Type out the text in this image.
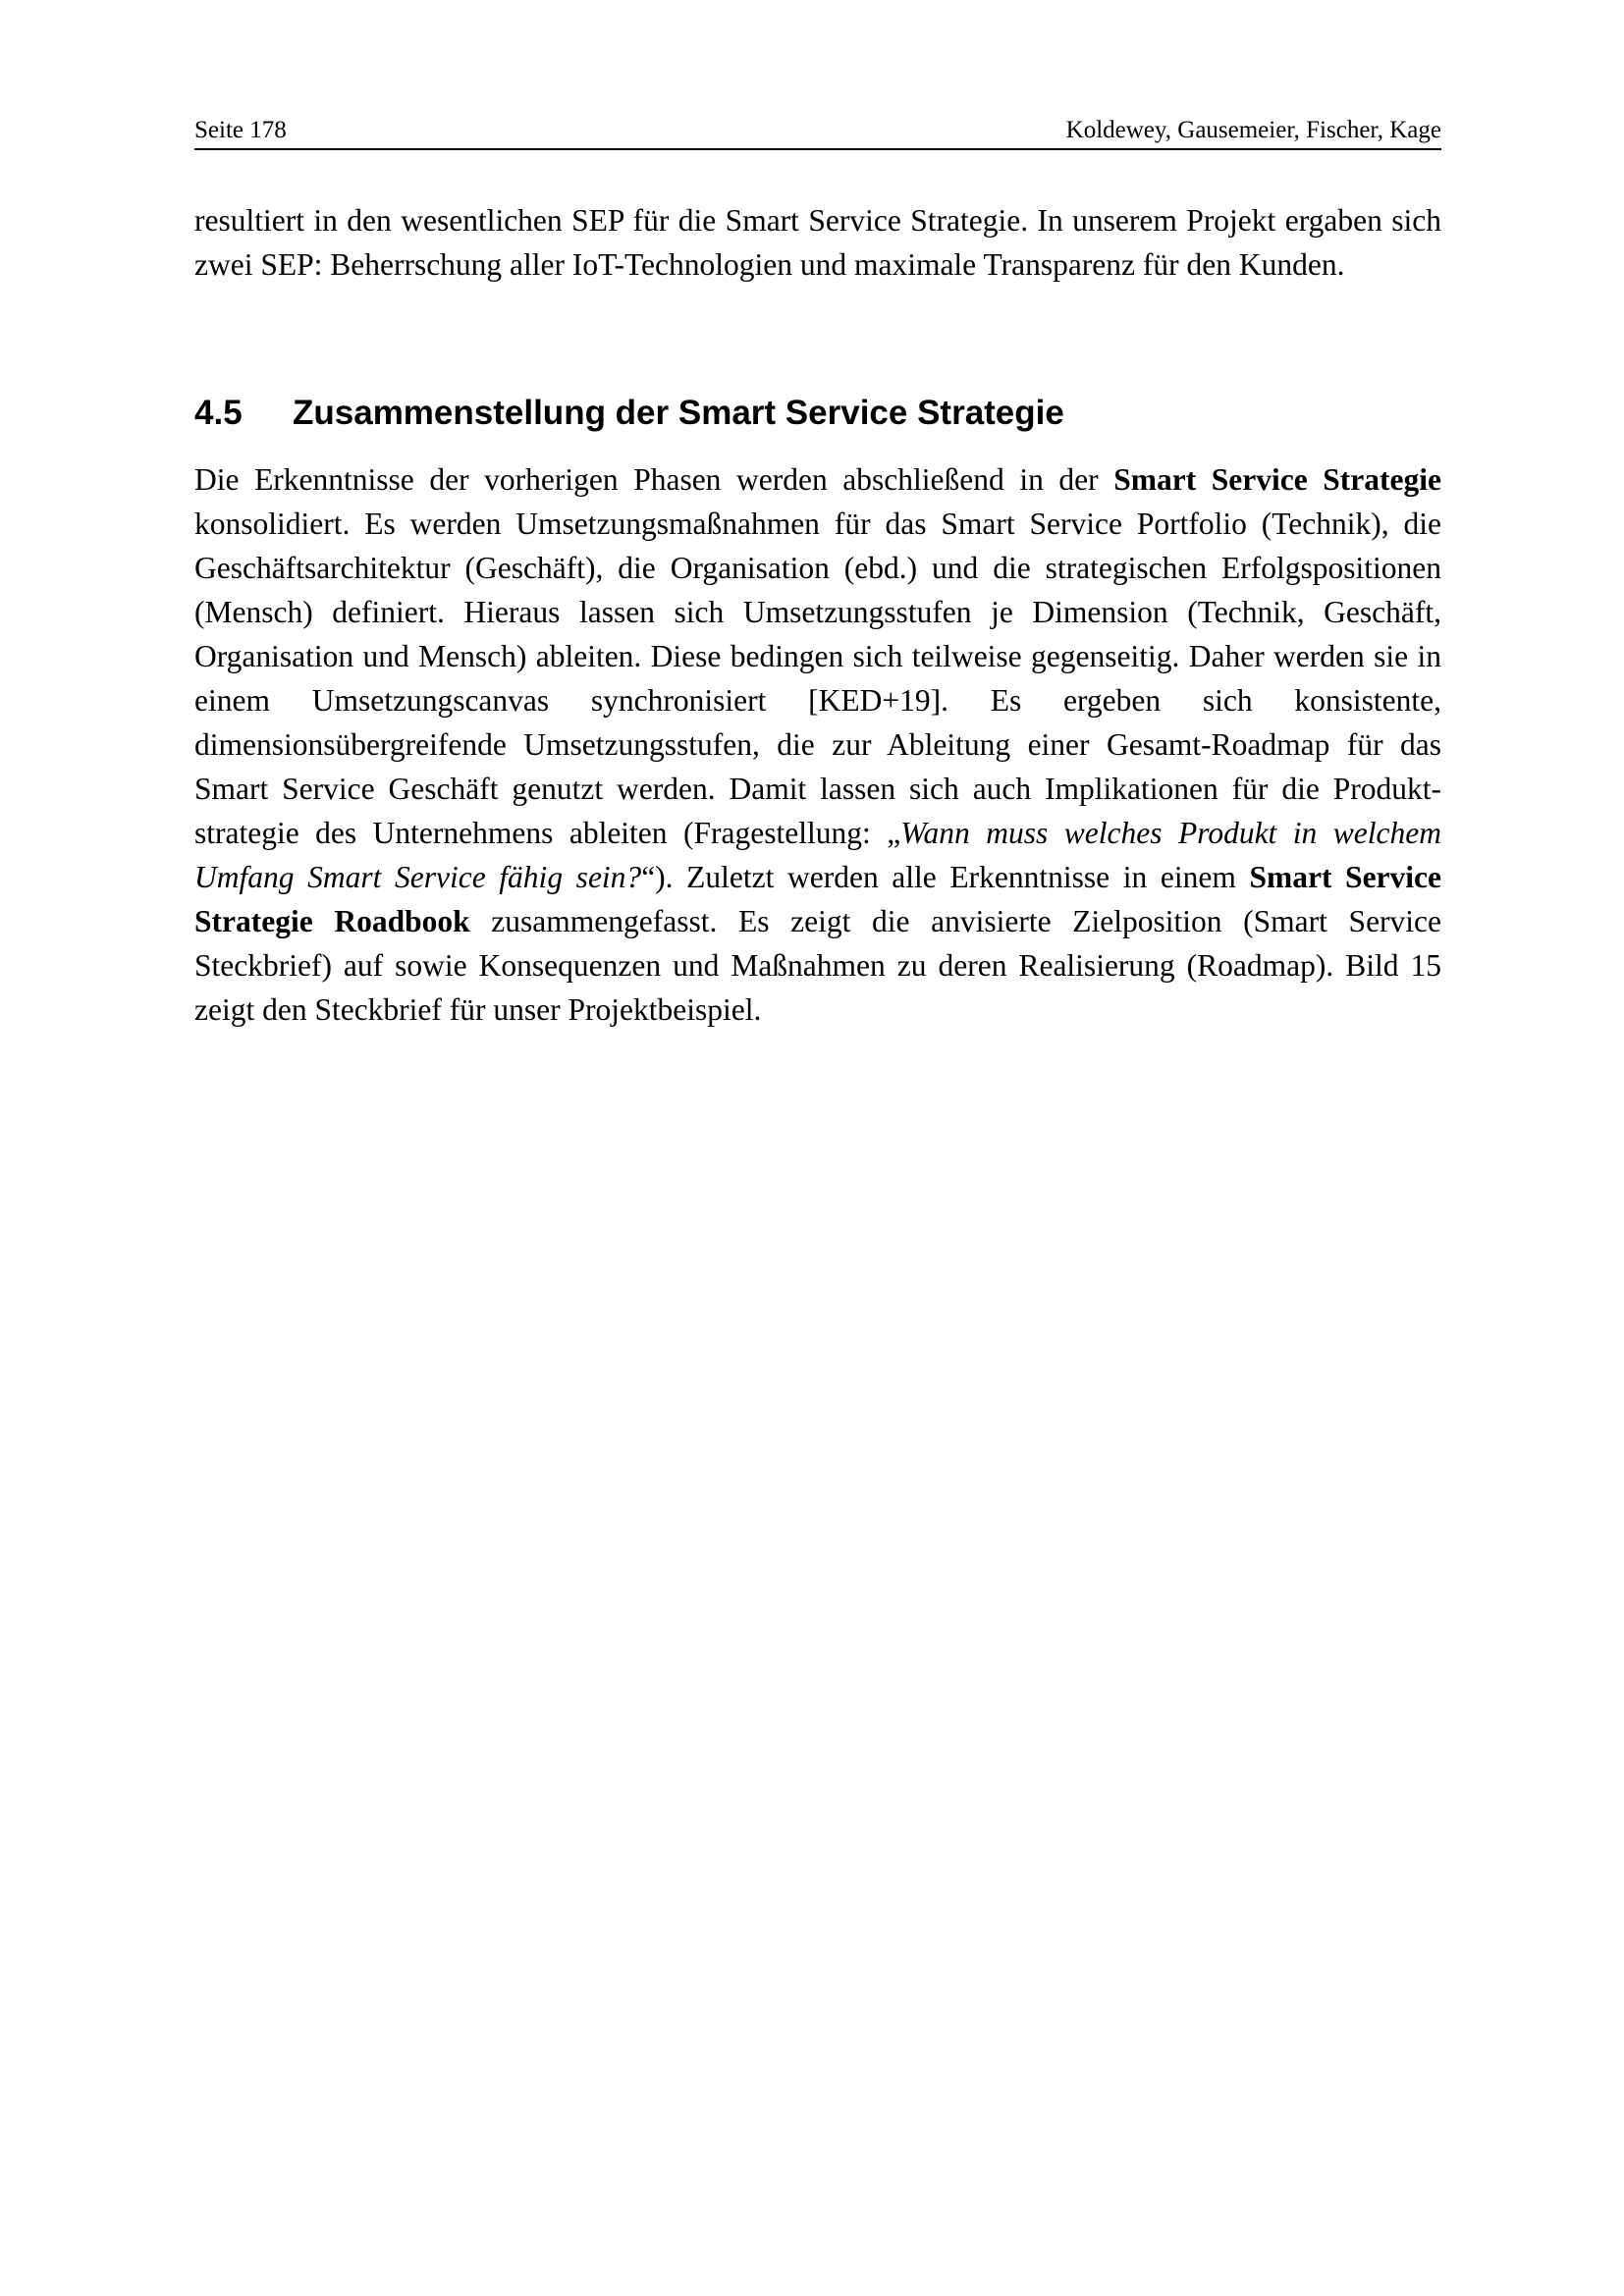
Seite 178	Koldewey, Gausemeier, Fischer, Kage

resultiert in den wesentlichen SEP für die Smart Service Strategie. In unserem Projekt ergaben sich zwei SEP: Beherrschung aller IoT-Technologien und maximale Transparenz für den Kunden.

4.5	Zusammenstellung der Smart Service Strategie

Die Erkenntnisse der vorherigen Phasen werden abschließend in der Smart Service Strategie konsolidiert. Es werden Umsetzungsmaßnahmen für das Smart Service Portfolio (Technik), die Geschäftsarchitektur (Geschäft), die Organisation (ebd.) und die strategischen Erfolgspositionen (Mensch) definiert. Hieraus lassen sich Umsetzungsstufen je Dimension (Technik, Geschäft, Organisation und Mensch) ableiten. Diese bedingen sich teilweise gegenseitig. Daher werden sie in einem Umsetzungscanvas synchronisiert [KED+19]. Es ergeben sich konsistente, dimensionsübergreifende Umsetzungsstufen, die zur Ableitung einer Gesamt-Roadmap für das Smart Service Geschäft genutzt werden. Damit lassen sich auch Implikationen für die Produktstrategie des Unternehmens ableiten (Fragestellung: „Wann muss welches Produkt in welchem Umfang Smart Service fähig sein?“). Zuletzt werden alle Erkenntnisse in einem Smart Service Strategie Roadbook zusammengefasst. Es zeigt die anvisierte Zielposition (Smart Service Steckbrief) auf sowie Konsequenzen und Maßnahmen zu deren Realisierung (Roadmap). Bild 15 zeigt den Steckbrief für unser Projektbeispiel.
